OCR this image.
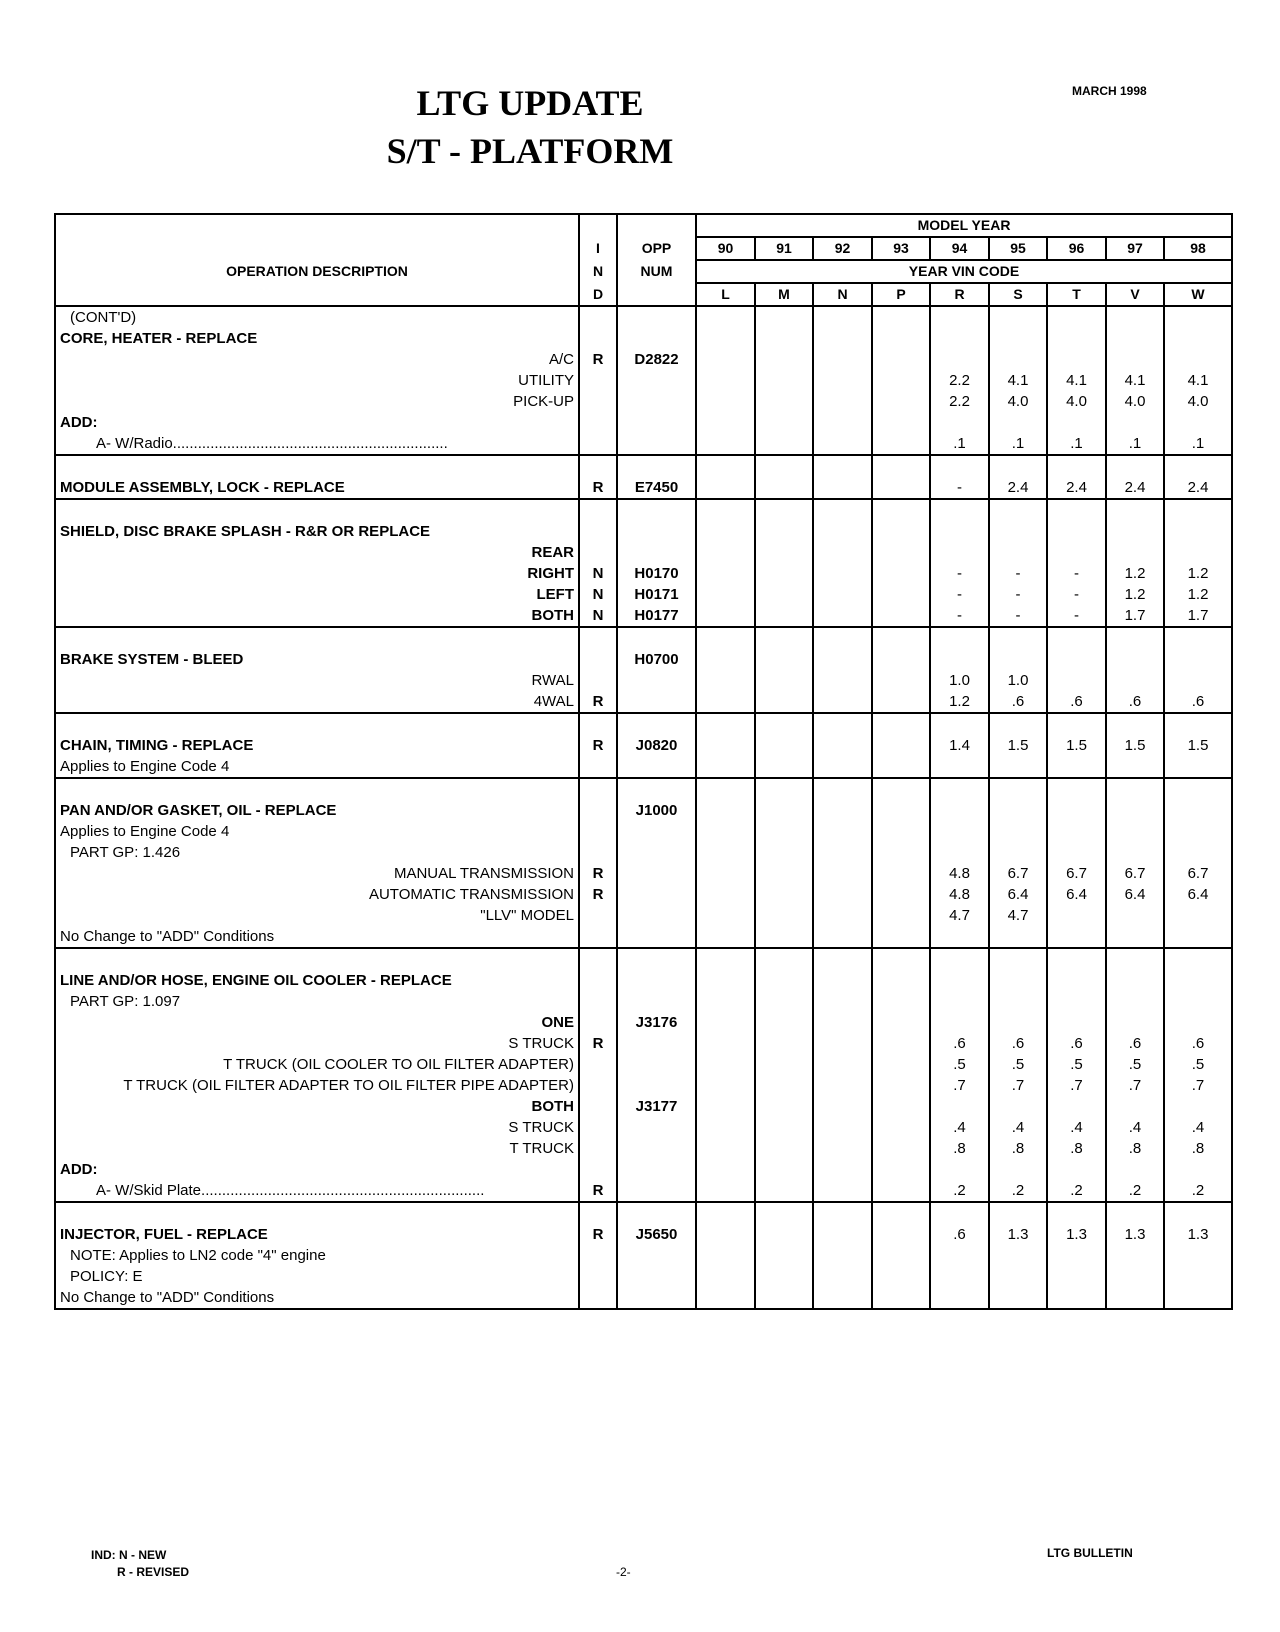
MARCH 1998
LTG UPDATE
S/T - PLATFORM
			MODEL YEAR								
	I	OPP	90	91	92	93	94	95	96	97	98
OPERATION DESCRIPTION	N	NUM	YEAR VIN CODE								
	D		L	M	N	P	R	S	T	V	W
(CONT'D)											
CORE, HEATER - REPLACE											
A/C	R	D2822									
UTILITY							2.2	4.1	4.1	4.1	4.1
PICK-UP							2.2	4.0	4.0	4.0	4.0
ADD:											
A- W/Radio..................................................................							.1	.1	.1	.1	.1

MODULE ASSEMBLY, LOCK - REPLACE	R	E7450					-	2.4	2.4	2.4	2.4

SHIELD, DISC BRAKE SPLASH - R&R OR REPLACE											
REAR											
RIGHT	N	H0170					-	-	-	1.2	1.2
LEFT	N	H0171					-	-	-	1.2	1.2
BOTH	N	H0177					-	-	-	1.7	1.7

BRAKE SYSTEM - BLEED		H0700									
RWAL							1.0	1.0			
4WAL	R						1.2	.6	.6	.6	.6

CHAIN, TIMING - REPLACE	R	J0820					1.4	1.5	1.5	1.5	1.5
Applies to Engine Code 4											

PAN AND/OR GASKET, OIL - REPLACE		J1000									
Applies to Engine Code 4											
PART GP: 1.426											
MANUAL TRANSMISSION	R						4.8	6.7	6.7	6.7	6.7
AUTOMATIC TRANSMISSION	R						4.8	6.4	6.4	6.4	6.4
"LLV" MODEL							4.7	4.7			
No Change to "ADD" Conditions											

LINE AND/OR HOSE, ENGINE OIL COOLER - REPLACE											
PART GP: 1.097											
ONE		J3176									
S TRUCK	R						.6	.6	.6	.6	.6
T TRUCK (OIL COOLER TO OIL FILTER ADAPTER)							.5	.5	.5	.5	.5
T TRUCK (OIL FILTER ADAPTER TO OIL FILTER PIPE ADAPTER)							.7	.7	.7	.7	.7
BOTH		J3177									
S TRUCK							.4	.4	.4	.4	.4
T TRUCK							.8	.8	.8	.8	.8
ADD:											
A- W/Skid Plate....................................................................	R						.2	.2	.2	.2	.2

INJECTOR, FUEL - REPLACE	R	J5650					.6	1.3	1.3	1.3	1.3
NOTE: Applies to LN2 code "4" engine											
POLICY: E											
No Change to "ADD" Conditions											
IND: N - NEW
R - REVISED	-2-
LTG BULLETIN
